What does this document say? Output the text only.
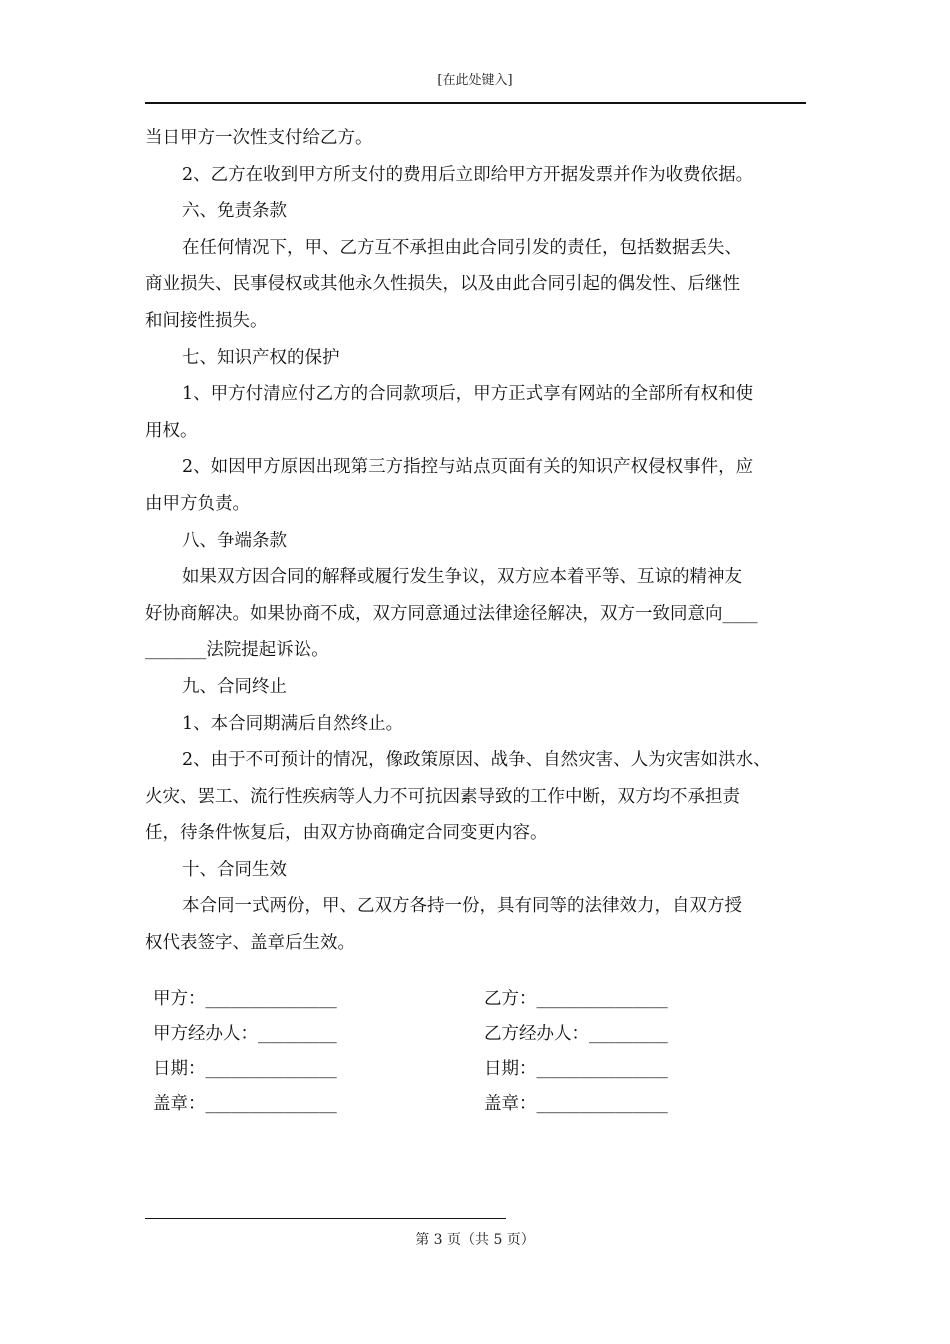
[在此处键入]

当日甲方一次性支付给乙方。

2、乙方在收到甲方所支付的费用后立即给甲方开据发票并作为收费依据。

六、免责条款

在任何情况下，甲、乙方互不承担由此合同引发的责任，包括数据丢失、

商业损失、民事侵权或其他永久性损失，以及由此合同引起的偶发性、后继性

和间接性损失。

七、知识产权的保护

1、甲方付清应付乙方的合同款项后，甲方正式享有网站的全部所有权和使

用权。

2、如因甲方原因出现第三方指控与站点页面有关的知识产权侵权事件，应

由甲方负责。

八、争端条款

如果双方因合同的解释或履行发生争议，双方应本着平等、互谅的精神友

好协商解决。如果协商不成，双方同意通过法律途径解决，双方一致同意向____

_______法院提起诉讼。

九、合同终止

1、本合同期满后自然终止。

2、由于不可预计的情况，像政策原因、战争、自然灾害、人为灾害如洪水、

火灾、罢工、流行性疾病等人力不可抗因素导致的工作中断，双方均不承担责

任，待条件恢复后，由双方协商确定合同变更内容。

十、合同生效

本合同一式两份，甲、乙双方各持一份，具有同等的法律效力，自双方授

权代表签字、盖章后生效。

甲方：_______________	乙方：_______________
甲方经办人：_________	乙方经办人：_________
日期：_______________	日期：_______________
盖章：_______________	盖章：_______________
第 3 页（共 5 页）
